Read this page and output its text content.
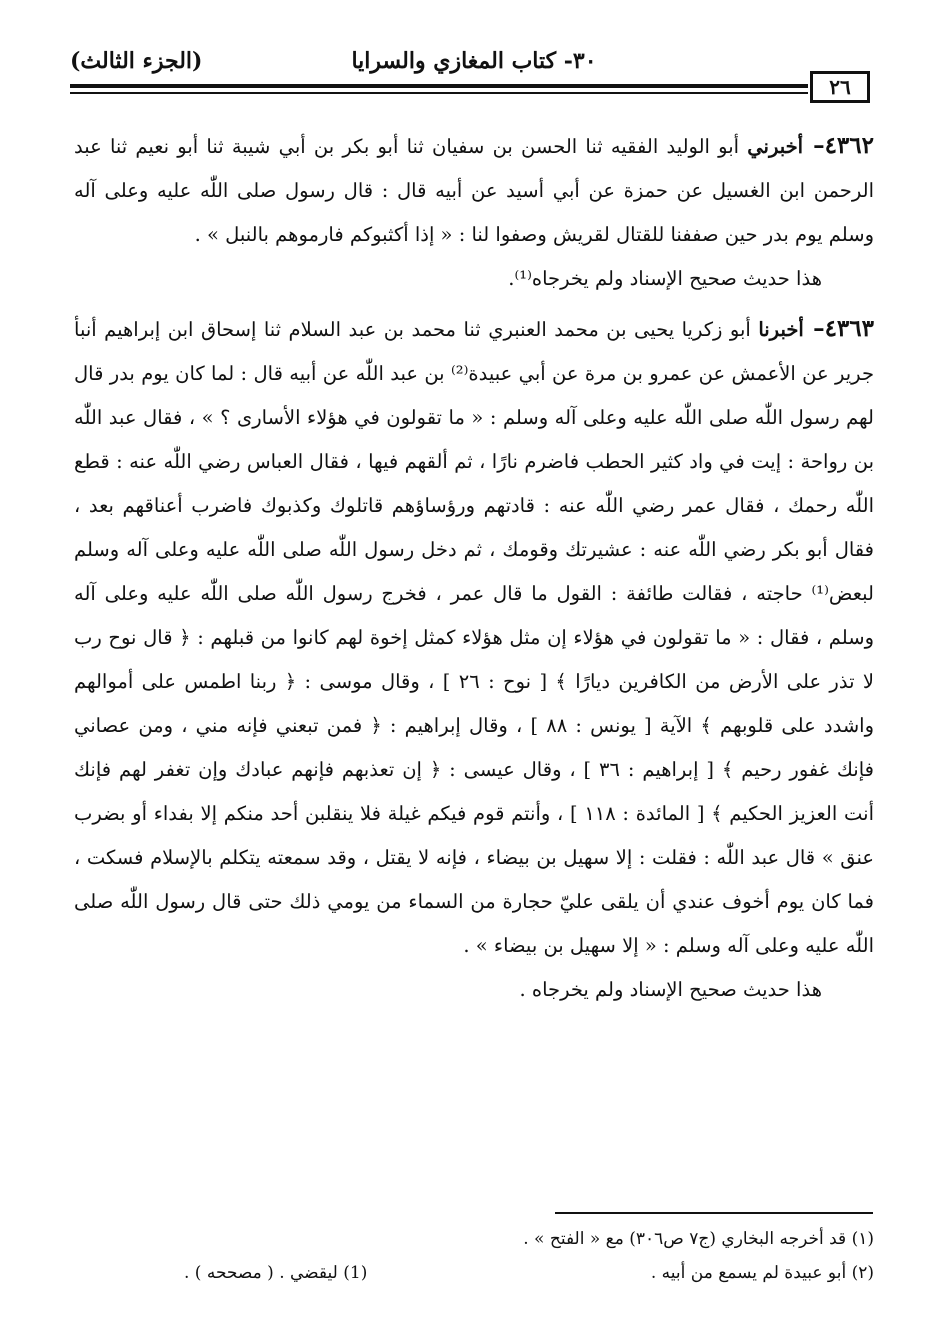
٣٠- كتاب المغازي والسرايا
(الجزء الثالث)
٢٦

٤٣٦٢– أخبرني أبو الوليد الفقيه ثنا الحسن بن سفيان ثنا أبو بكر بن أبي شيبة ثنا أبو نعيم ثنا عبد الرحمن ابن الغسيل عن حمزة عن أبي أسيد عن أبيه قال : قال رسول صلى اللّٰه عليه وعلى آله وسلم يوم بدر حين صففنا للقتال لقريش وصفوا لنا : « إذا أكثبوكم فارموهم بالنبل » .

هذا حديث صحيح الإسناد ولم يخرجاه⁽¹⁾.

٤٣٦٣– أخبرنا أبو زكريا يحيى بن محمد العنبري ثنا محمد بن عبد السلام ثنا إسحاق ابن إبراهيم أنبأ جرير عن الأعمش عن عمرو بن مرة عن أبي عبيدة⁽²⁾ بن عبد اللّٰه عن أبيه قال : لما كان يوم بدر قال لهم رسول اللّٰه صلى اللّٰه عليه وعلى آله وسلم : « ما تقولون في هؤلاء الأسارى ؟ » ، فقال عبد اللّٰه بن رواحة : إيت في واد كثير الحطب فاضرم نارًا ، ثم ألقهم فيها ، فقال العباس رضي اللّٰه عنه : قطع اللّٰه رحمك ، فقال عمر رضي اللّٰه عنه : قادتهم ورؤساؤهم قاتلوك وكذبوك فاضرب أعناقهم بعد ، فقال أبو بكر رضي اللّٰه عنه : عشيرتك وقومك ، ثم دخل رسول اللّٰه صلى اللّٰه عليه وعلى آله وسلم لبعض⁽¹⁾ حاجته ، فقالت طائفة : القول ما قال عمر ، فخرج رسول اللّٰه صلى اللّٰه عليه وعلى آله وسلم ، فقال : « ما تقولون في هؤلاء إن مثل هؤلاء كمثل إخوة لهم كانوا من قبلهم : ﴿ قال نوح رب لا تذر على الأرض من الكافرين ديارًا ﴾ [ نوح : ٢٦ ] ، وقال موسى : ﴿ ربنا اطمس على أموالهم واشدد على قلوبهم ﴾ الآية [ يونس : ٨٨ ] ، وقال إبراهيم : ﴿ فمن تبعني فإنه مني ، ومن عصاني فإنك غفور رحيم ﴾ [ إبراهيم : ٣٦ ] ، وقال عيسى : ﴿ إن تعذبهم فإنهم عبادك وإن تغفر لهم فإنك أنت العزيز الحكيم ﴾ [ المائدة : ١١٨ ] ، وأنتم قوم فيكم غيلة فلا ينقلبن أحد منكم إلا بفداء أو بضرب عنق » قال عبد اللّٰه : فقلت : إلا سهيل بن بيضاء ، فإنه لا يقتل ، وقد سمعته يتكلم بالإسلام فسكت ، فما كان يوم أخوف عندي أن يلقى عليّ حجارة من السماء من يومي ذلك حتى قال رسول اللّٰه صلى اللّٰه عليه وعلى آله وسلم : « إلا سهيل بن بيضاء » .

هذا حديث صحيح الإسناد ولم يخرجاه .

(١) قد أخرجه البخاري (ج٧ ص٣٠٦) مع « الفتح » .
(٢) أبو عبيدة لم يسمع من أبيه .
(1) ليقضي . ( مصححه ) .
